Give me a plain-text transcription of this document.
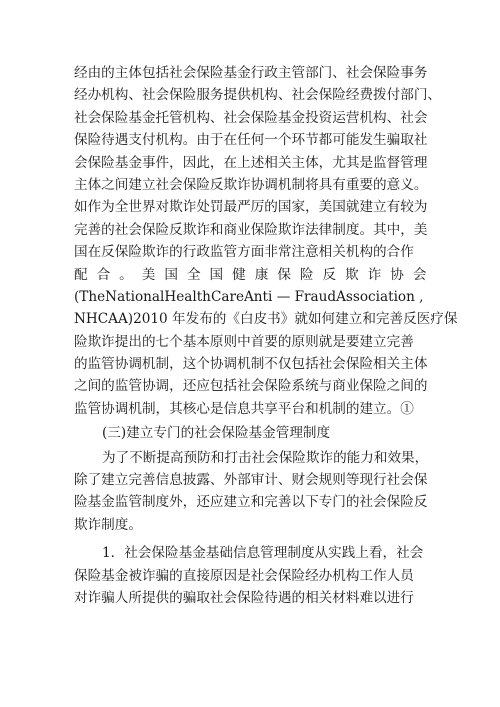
经由的主体包括社会保险基金行政主管部门、社会保险事务
经办机构、社会保险服务提供机构、社会保险经费拨付部门、
社会保险基金托管机构、社会保险基金投资运营机构、社会
保险待遇支付机构。由于在任何一个环节都可能发生骗取社
会保险基金事件，因此，在上述相关主体，尤其是监督管理
主体之间建立社会保险反欺诈协调机制将具有重要的意义。
如作为全世界对欺诈处罚最严厉的国家，美国就建立有较为
完善的社会保险反欺诈和商业保险欺诈法律制度。其中，美
国在反保险欺诈的行政监管方面非常注意相关机构的合作
配合。美国全国健康保险反欺诈协会
(TheNationalHealthCareAnti — FraudAssociation ,
NHCAA)2010 年发布的《白皮书》就如何建立和完善反医疗保
险欺诈提出的七个基本原则中首要的原则就是要建立完善
的监管协调机制，这个协调机制不仅包括社会保险相关主体
之间的监管协调，还应包括社会保险系统与商业保险之间的
监管协调机制，其核心是信息共享平台和机制的建立。①
(三)建立专门的社会保险基金管理制度
为了不断提高预防和打击社会保险欺诈的能力和效果，
除了建立完善信息披露、外部审计、财会规则等现行社会保
险基金监管制度外，还应建立和完善以下专门的社会保险反
欺诈制度。
1．社会保险基金基础信息管理制度从实践上看，社会
保险基金被诈骗的直接原因是社会保险经办机构工作人员
对诈骗人所提供的骗取社会保险待遇的相关材料难以进行
